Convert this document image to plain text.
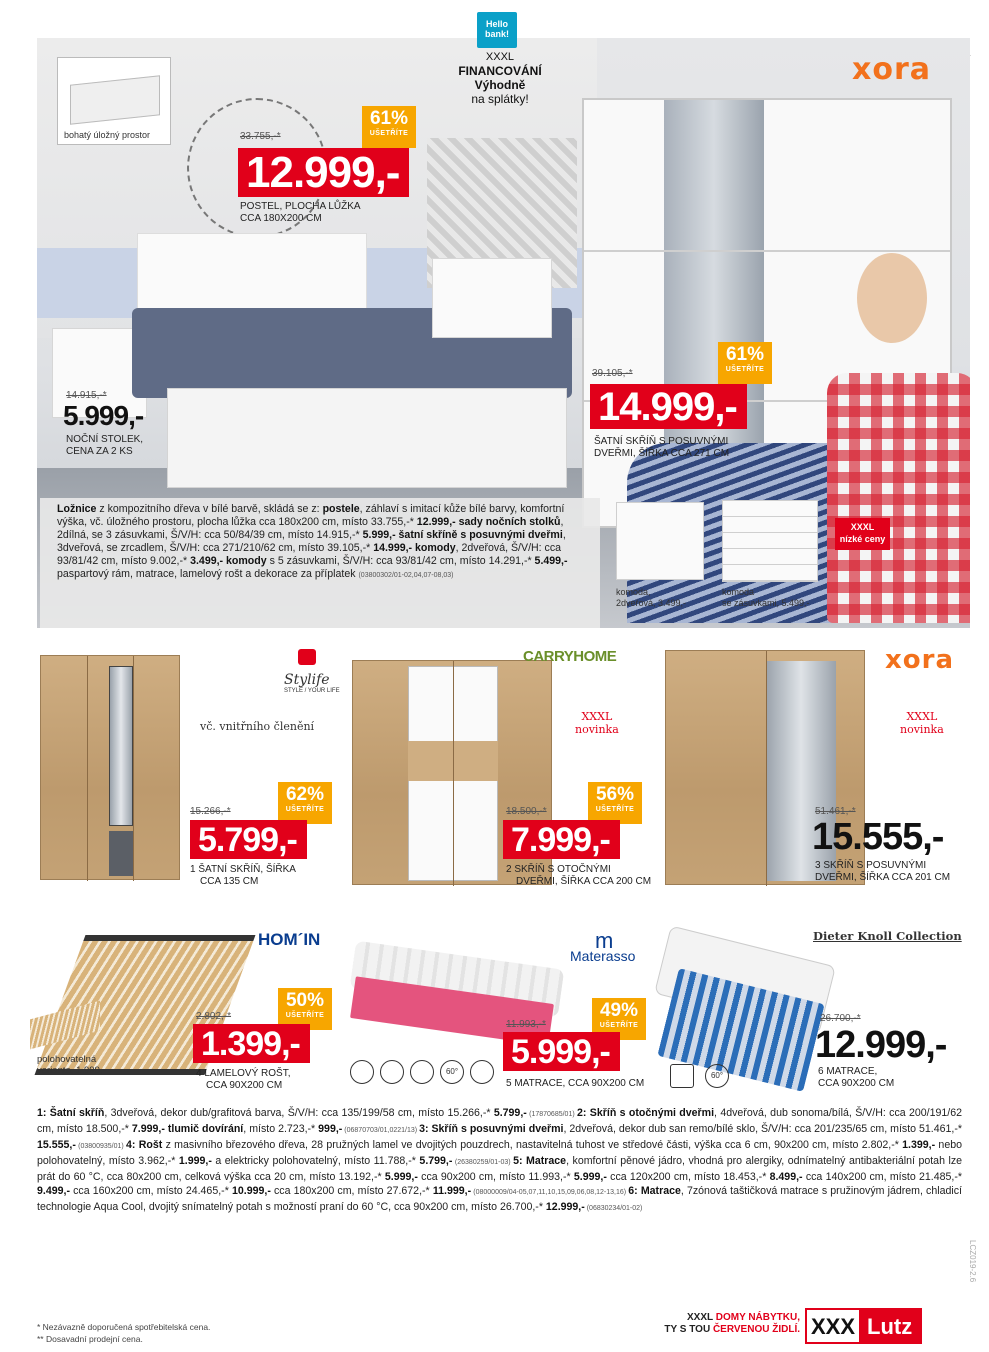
LCZ019-2.6
Hello bank!
XXXL
FINANCOVÁNÍ
Výhodně
na splátky!
xora
bohatý úložný prostor	33.755,-*
61%
UŠETŘÍTE
12.999,-
POSTEL, PLOCHA LŮŽKA
CCA 180X200 CM
14.915,-*
5.999,-
NOČNÍ STOLEK,
CENA ZA 2 KS
39.105,-*
61%
UŠETŘÍTE
14.999,-
ŠATNÍ SKŘÍŇ S POSUVNÝMI
DVEŘMI, ŠÍŘKA CCA 271 CM
Ložnice z kompozitního dřeva v bílé barvě, skládá se z: postele, záhlaví s imitací kůže bílé barvy, komfortní výška, vč. úložného prostoru, plocha lůžka cca 180x200 cm, místo 33.755,-* 12.999,- sady nočních stolků, 2dílná, se 3 zásuvkami, Š/V/H: cca 50/84/39 cm, místo 14.915,-* 5.999,- šatní skříně s posuvnými dveřmi, 3dveřová, se zrcadlem, Š/V/H: cca 271/210/62 cm, místo 39.105,-* 14.999,- komody, 2dveřová, Š/V/H: cca 93/81/42 cm, místo 9.002,-* 3.499,- komody s 5 zásuvkami, Š/V/H: cca 93/81/42 cm, místo 14.291,-* 5.499,- paspartový rám, matrace, lamelový rošt a dekorace za příplatek (03800302/01-02,04,07-08,03)
komoda,
2dveřová, 3.499,-
komoda
se zásuvkami, 5.499,-
XXXL
nízké ceny
Stylife
STYLE / YOUR LIFE
vč. vnitřního členění
15.266,-*
62%
UŠETŘÍTE
5.799,-
1 ŠATNÍ SKŘÍŇ, ŠÍŘKA
CCA 135 CM
CARRYHOME
XXXL
novinka
18.500,-*
56%
UŠETŘÍTE
7.999,-
2 SKŘÍŇ S OTOČNÝMI
DVEŘMI, ŠÍŘKA CCA 200 CM
xora
XXXL
novinka
51.461,-*
15.555,-
3 SKŘÍŇ S POSUVNÝMI
DVEŘMI, ŠÍŘKA CCA 201 CM
HOM´IN
polohovatelná
varianta, 1.999,-
2.802,-*
50%
UŠETŘÍTE
1.399,-
4 LAMELOVÝ ROŠT,
CCA 90X200 CM
m
Materasso
60°
11.993,-*
49%
UŠETŘÍTE
5.999,-
5 MATRACE, CCA 90X200 CM
Dieter Knoll Collection
60°
26.700,-*
12.999,-
6 MATRACE,
CCA 90X200 CM
1: Šatní skříň, 3dveřová, dekor dub/grafitová barva, Š/V/H: cca 135/199/58 cm, místo 15.266,-* 5.799,- (17870685/01) 2: Skříň s otočnými dveřmi, 4dveřová, dub sonoma/bílá, Š/V/H: cca 200/191/62 cm, místo 18.500,-* 7.999,- tlumič dovírání, místo 2.723,-* 999,- (06870703/01,0221/13) 3: Skříň s posuvnými dveřmi, 2dveřová, dekor dub san remo/bílé sklo, Š/V/H: cca 201/235/65 cm, místo 51.461,-* 15.555,- (03800935/01) 4: Rošt z masivního březového dřeva, 28 pružných lamel ve dvojitých pouzdrech, nastavitelná tuhost ve středové části, výška cca 6 cm, 90x200 cm, místo 2.802,-* 1.399,- nebo polohovatelný, místo 3.962,-* 1.999,- a elektricky polohovatelný, místo 11.788,-* 5.799,- (26380259/01-03) 5: Matrace, komfortní pěnové jádro, vhodná pro alergiky, odnímatelný antibakteriální potah lze prát do 60 °C, cca 80x200 cm, celková výška cca 20 cm, místo 13.192,-* 5.999,- cca 90x200 cm, místo 11.993,-* 5.999,- cca 120x200 cm, místo 18.453,-* 8.499,- cca 140x200 cm, místo 21.485,-* 9.499,- cca 160x200 cm, místo 24.465,-* 10.999,- cca 180x200 cm, místo 27.672,-* 11.999,- (08000009/04-05,07,11,10,15,09,06,08,12-13,16) 6: Matrace, 7zónová taštičková matrace s pružinovým jádrem, chladicí technologie Aqua Cool, dvojitý snímatelný potah s možností praní do 60 °C, cca 90x200 cm, místo 26.700,-* 12.999,- (06830234/01-02)
* Nezávazně doporučená spotřebitelská cena.
** Dosavadní prodejní cena.
XXXL DOMY NÁBYTKU,
TY S TOU ČERVENOU ŽIDLÍ. XXX Lutz
